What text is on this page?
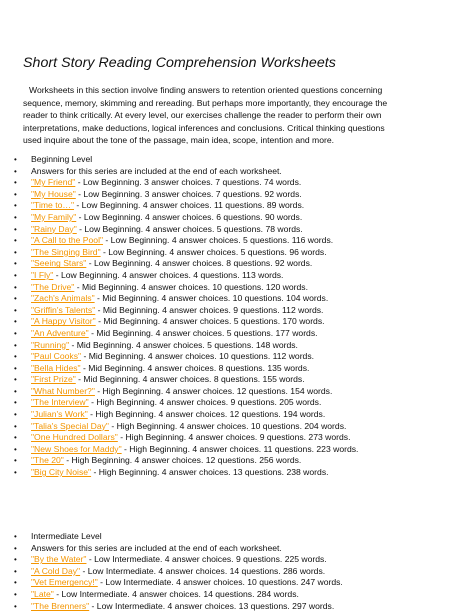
Short Story Reading Comprehension Worksheets
Worksheets in this section involve finding answers to retention oriented questions concerning
sequence, memory, skimming and rereading. But perhaps more importantly, they encourage the
reader to think critically. At every level, our exercises challenge the reader to perform their own
interpretations, make deductions, logical inferences and conclusions. Critical thinking questions
used inquire about the tone of the passage, main idea, scope, intention and more.
• Beginning Level
• Answers for this series are included at the end of each worksheet.
• "My Friend" - Low Beginning. 3 answer choices. 7 questions. 74 words.
• "My House" - Low Beginning. 3 answer choices. 7 questions. 92 words.
• "Time to…" - Low Beginning. 4 answer choices. 11 questions. 89 words.
• "My Family" - Low Beginning. 4 answer choices. 6 questions. 90 words.
• "Rainy Day" - Low Beginning. 4 answer choices. 5 questions. 78 words.
• "A Call to the Pool" - Low Beginning. 4 answer choices. 5 questions. 116 words.
• "The Singing Bird" - Low Beginning. 4 answer choices. 5 questions. 96 words.
• "Seeing Stars" - Low Beginning. 4 answer choices. 8 questions. 92 words.
• "I Fly" - Low Beginning. 4 answer choices. 4 questions. 113 words.
• "The Drive" - Mid Beginning. 4 answer choices. 10 questions. 120 words.
• "Zach's Animals" - Mid Beginning. 4 answer choices. 10 questions. 104 words.
• "Griffin's Talents" - Mid Beginning. 4 answer choices. 9 questions. 112 words.
• "A Happy Visitor" - Mid Beginning. 4 answer choices. 5 questions. 170 words.
• "An Adventure" - Mid Beginning. 4 answer choices. 5 questions. 177 words.
• "Running" - Mid Beginning. 4 answer choices. 5 questions. 148 words.
• "Paul Cooks" - Mid Beginning. 4 answer choices. 10 questions. 112 words.
• "Bella Hides" - Mid Beginning. 4 answer choices. 8 questions. 135 words.
• "First Prize" - Mid Beginning. 4 answer choices. 8 questions. 155 words.
• "What Number?" - High Beginning. 4 answer choices. 12 questions. 154 words.
• "The Interview" - High Beginning. 4 answer choices. 9 questions. 205 words.
• "Julian's Work" - High Beginning. 4 answer choices. 12 questions. 194 words.
• "Talia's Special Day" - High Beginning. 4 answer choices. 10 questions. 204 words.
• "One Hundred Dollars" - High Beginning. 4 answer choices. 9 questions. 273 words.
• "New Shoes for Maddy" - High Beginning. 4 answer choices. 11 questions. 223 words.
• "The 20" - High Beginning. 4 answer choices. 12 questions. 256 words.
• "Big City Noise" - High Beginning. 4 answer choices. 13 questions. 238 words.
• Intermediate Level
• Answers for this series are included at the end of each worksheet.
• "By the Water" - Low Intermediate. 4 answer choices. 9 questions. 225 words.
• "A Cold Day" - Low Intermediate. 4 answer choices. 14 questions. 286 words.
• "Vet Emergency!" - Low Intermediate. 4 answer choices. 10 questions. 247 words.
• "Late" - Low Intermediate. 4 answer choices. 14 questions. 284 words.
• "The Brenners" - Low Intermediate. 4 answer choices. 13 questions. 297 words.
